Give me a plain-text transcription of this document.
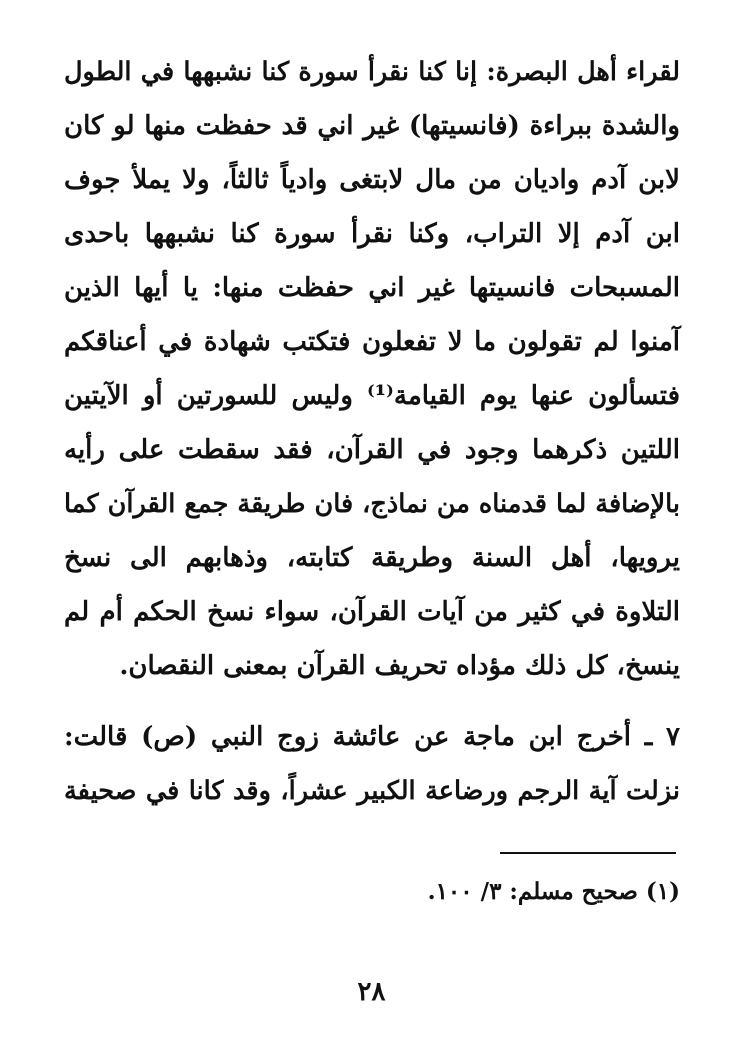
لقراء أهل البصرة: إنا كنا نقرأ سورة كنا نشبهها في الطول
والشدة ببراءة (فانسيتها) غير اني قد حفظت منها لو كان
لابن آدم واديان من مال لابتغى وادياً ثالثاً، ولا يملأ جوف
ابن آدم إلا التراب، وكنا نقرأ سورة كنا نشبهها باحدى
المسبحات فانسيتها غير اني حفظت منها: يا أيها الذين
آمنوا لم تقولون ما لا تفعلون فتكتب شهادة في أعناقكم
فتسألون عنها يوم القيامة⁽¹⁾ وليس للسورتين أو الآيتين
اللتين ذكرهما وجود في القرآن، فقد سقطت على رأيه
بالإضافة لما قدمناه من نماذج، فان طريقة جمع القرآن كما
يرويها، أهل السنة وطريقة كتابته، وذهابهم الى نسخ
التلاوة في كثير من آيات القرآن، سواء نسخ الحكم أم لم
ينسخ، كل ذلك مؤداه تحريف القرآن بمعنى النقصان.
٧ ـ أخرج ابن ماجة عن عائشة زوج النبي (ص) قالت:
نزلت آية الرجم ورضاعة الكبير عشراً، وقد كانا في صحيفة
(١) صحيح مسلم: ٣/ ١٠٠.
٢٨
